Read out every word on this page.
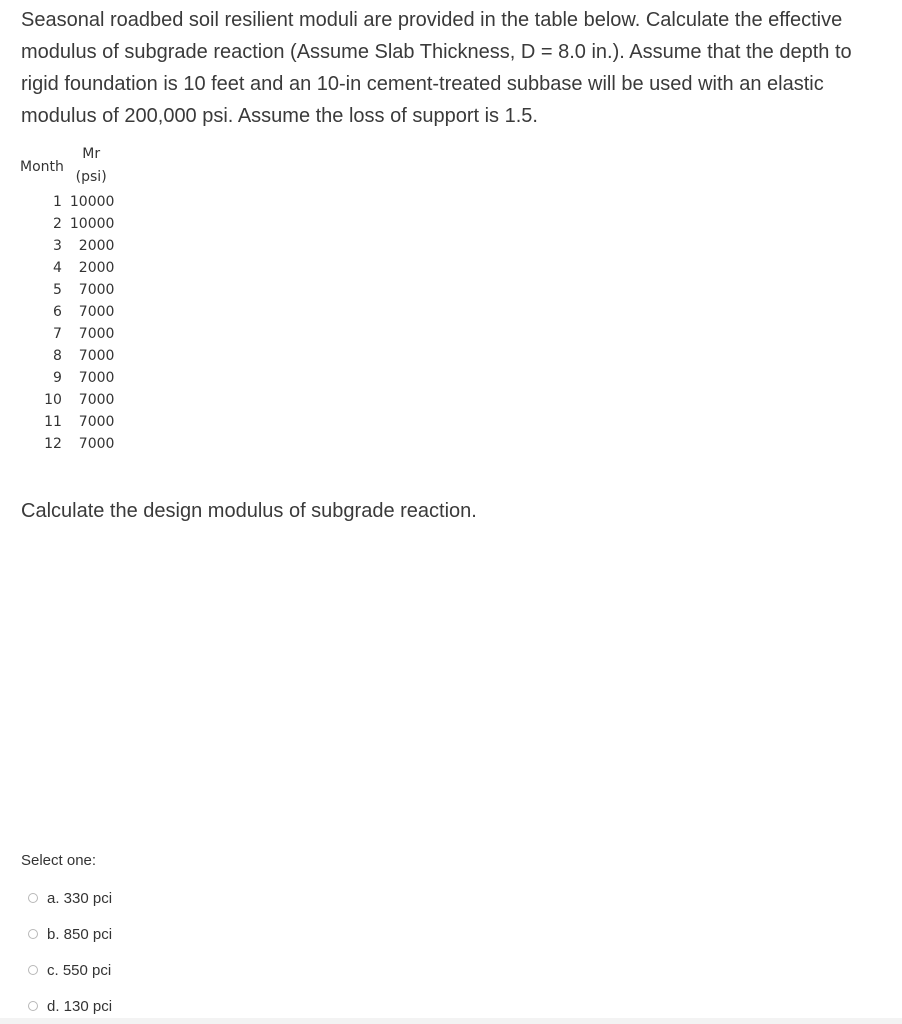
Seasonal roadbed soil resilient moduli are provided in the table below. Calculate the effective modulus of subgrade reaction (Assume Slab Thickness, D = 8.0 in.). Assume that the depth to rigid foundation is 10 feet and an 10-in cement-treated subbase will be used with an elastic modulus of 200,000 psi. Assume the loss of support is 1.5.

Month	Mr
(psi)
1	10000
2	10000
3	2000
4	2000
5	7000
6	7000
7	7000
8	7000
9	7000
10	7000
11	7000
12	7000

Calculate the design modulus of subgrade reaction.

Select one:

a. 330 pci
b. 850 pci
c. 550 pci
d. 130 pci
